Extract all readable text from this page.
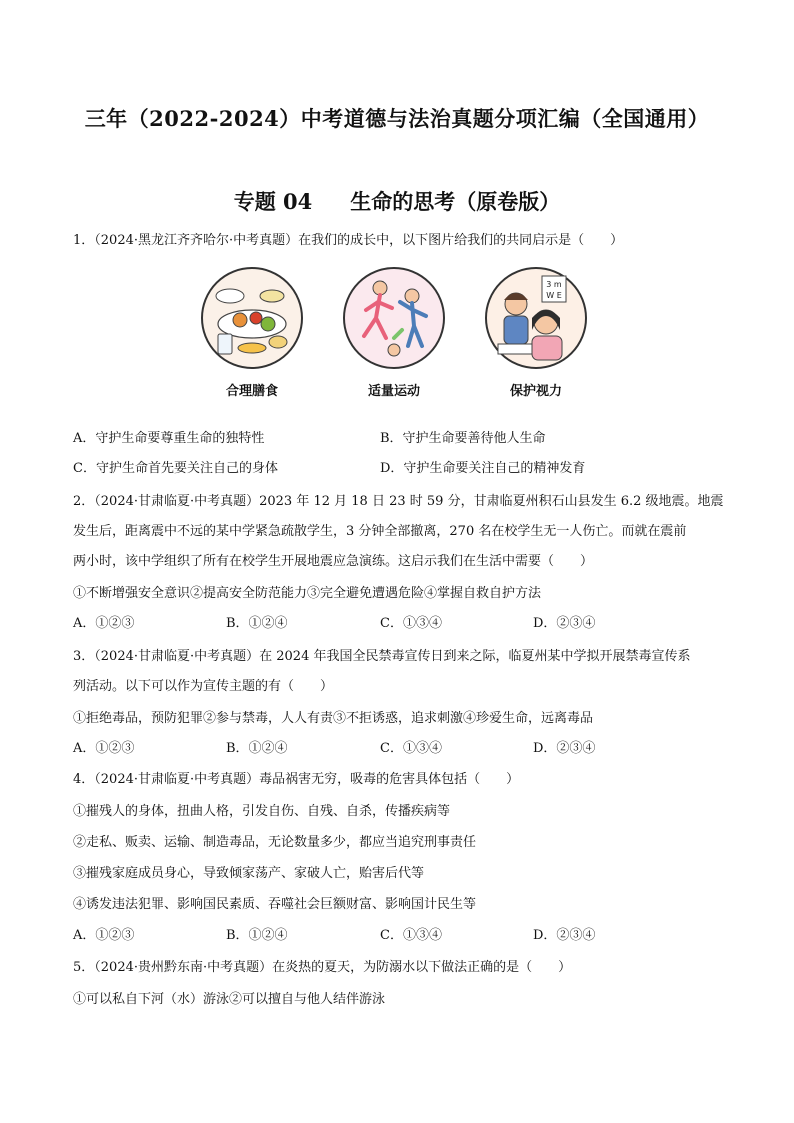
三年（2022-2024）中考道德与法治真题分项汇编（全国通用）
专题 04 生命的思考（原卷版）
1．（2024·黑龙江齐齐哈尔·中考真题）在我们的成长中，以下图片给我们的共同启示是（　　）
合理膳食	适量运动
3 m
W E
保护视力
A．守护生命要尊重生命的独特性	B．守护生命要善待他人生命
C．守护生命首先要关注自己的身体	D．守护生命要关注自己的精神发育
2．（2024·甘肃临夏·中考真题）2023 年 12 月 18 日 23 时 59 分，甘肃临夏州积石山县发生 6.2 级地震。地震
发生后，距离震中不远的某中学紧急疏散学生，3 分钟全部撤离，270 名在校学生无一人伤亡。而就在震前
两小时，该中学组织了所有在校学生开展地震应急演练。这启示我们在生活中需要（　　）
①不断增强安全意识②提高安全防范能力③完全避免遭遇危险④掌握自救自护方法
A．①②③	B．①②④	C．①③④	D．②③④
3．（2024·甘肃临夏·中考真题）在 2024 年我国全民禁毒宣传日到来之际，临夏州某中学拟开展禁毒宣传系
列活动。以下可以作为宣传主题的有（　　）
①拒绝毒品，预防犯罪②参与禁毒，人人有责③不拒诱惑，追求刺激④珍爱生命，远离毒品
A．①②③	B．①②④	C．①③④	D．②③④
4．（2024·甘肃临夏·中考真题）毒品祸害无穷，吸毒的危害具体包括（　　）
①摧残人的身体，扭曲人格，引发自伤、自残、自杀，传播疾病等
②走私、贩卖、运输、制造毒品，无论数量多少，都应当追究刑事责任
③摧残家庭成员身心，导致倾家荡产、家破人亡，贻害后代等
④诱发违法犯罪、影响国民素质、吞噬社会巨额财富、影响国计民生等
A．①②③	B．①②④	C．①③④	D．②③④
5．（2024·贵州黔东南·中考真题）在炎热的夏天，为防溺水以下做法正确的是（　　）
①可以私自下河（水）游泳②可以擅自与他人结伴游泳
